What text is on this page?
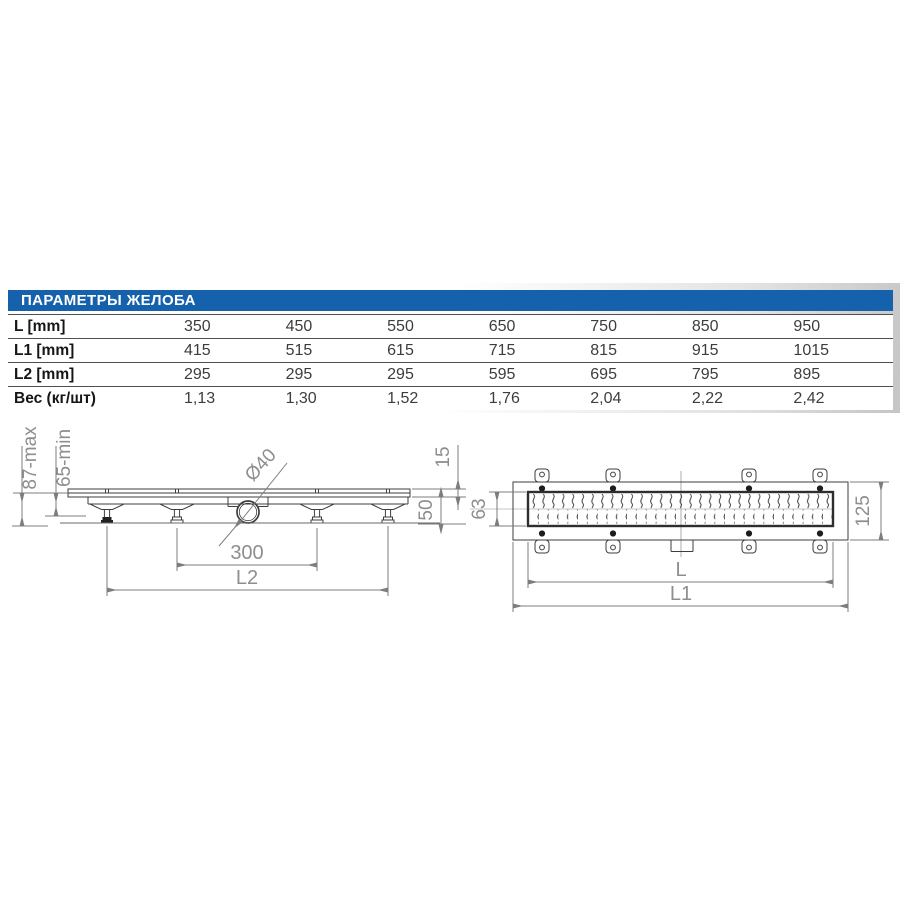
ПАРАМЕТРЫ ЖЕЛОБА
L [mm]	350	450	550	650	750	850	950
L1 [mm]	415	515	615	715	815	915	1015
L2 [mm]	295	295	295	595	695	795	895
Вес (кг/шт)	1,13	1,30	1,52	1,76	2,04	2,22	2,42
87-max 65-min	Ø40	15
50
300
L2
63	125
L
L1
